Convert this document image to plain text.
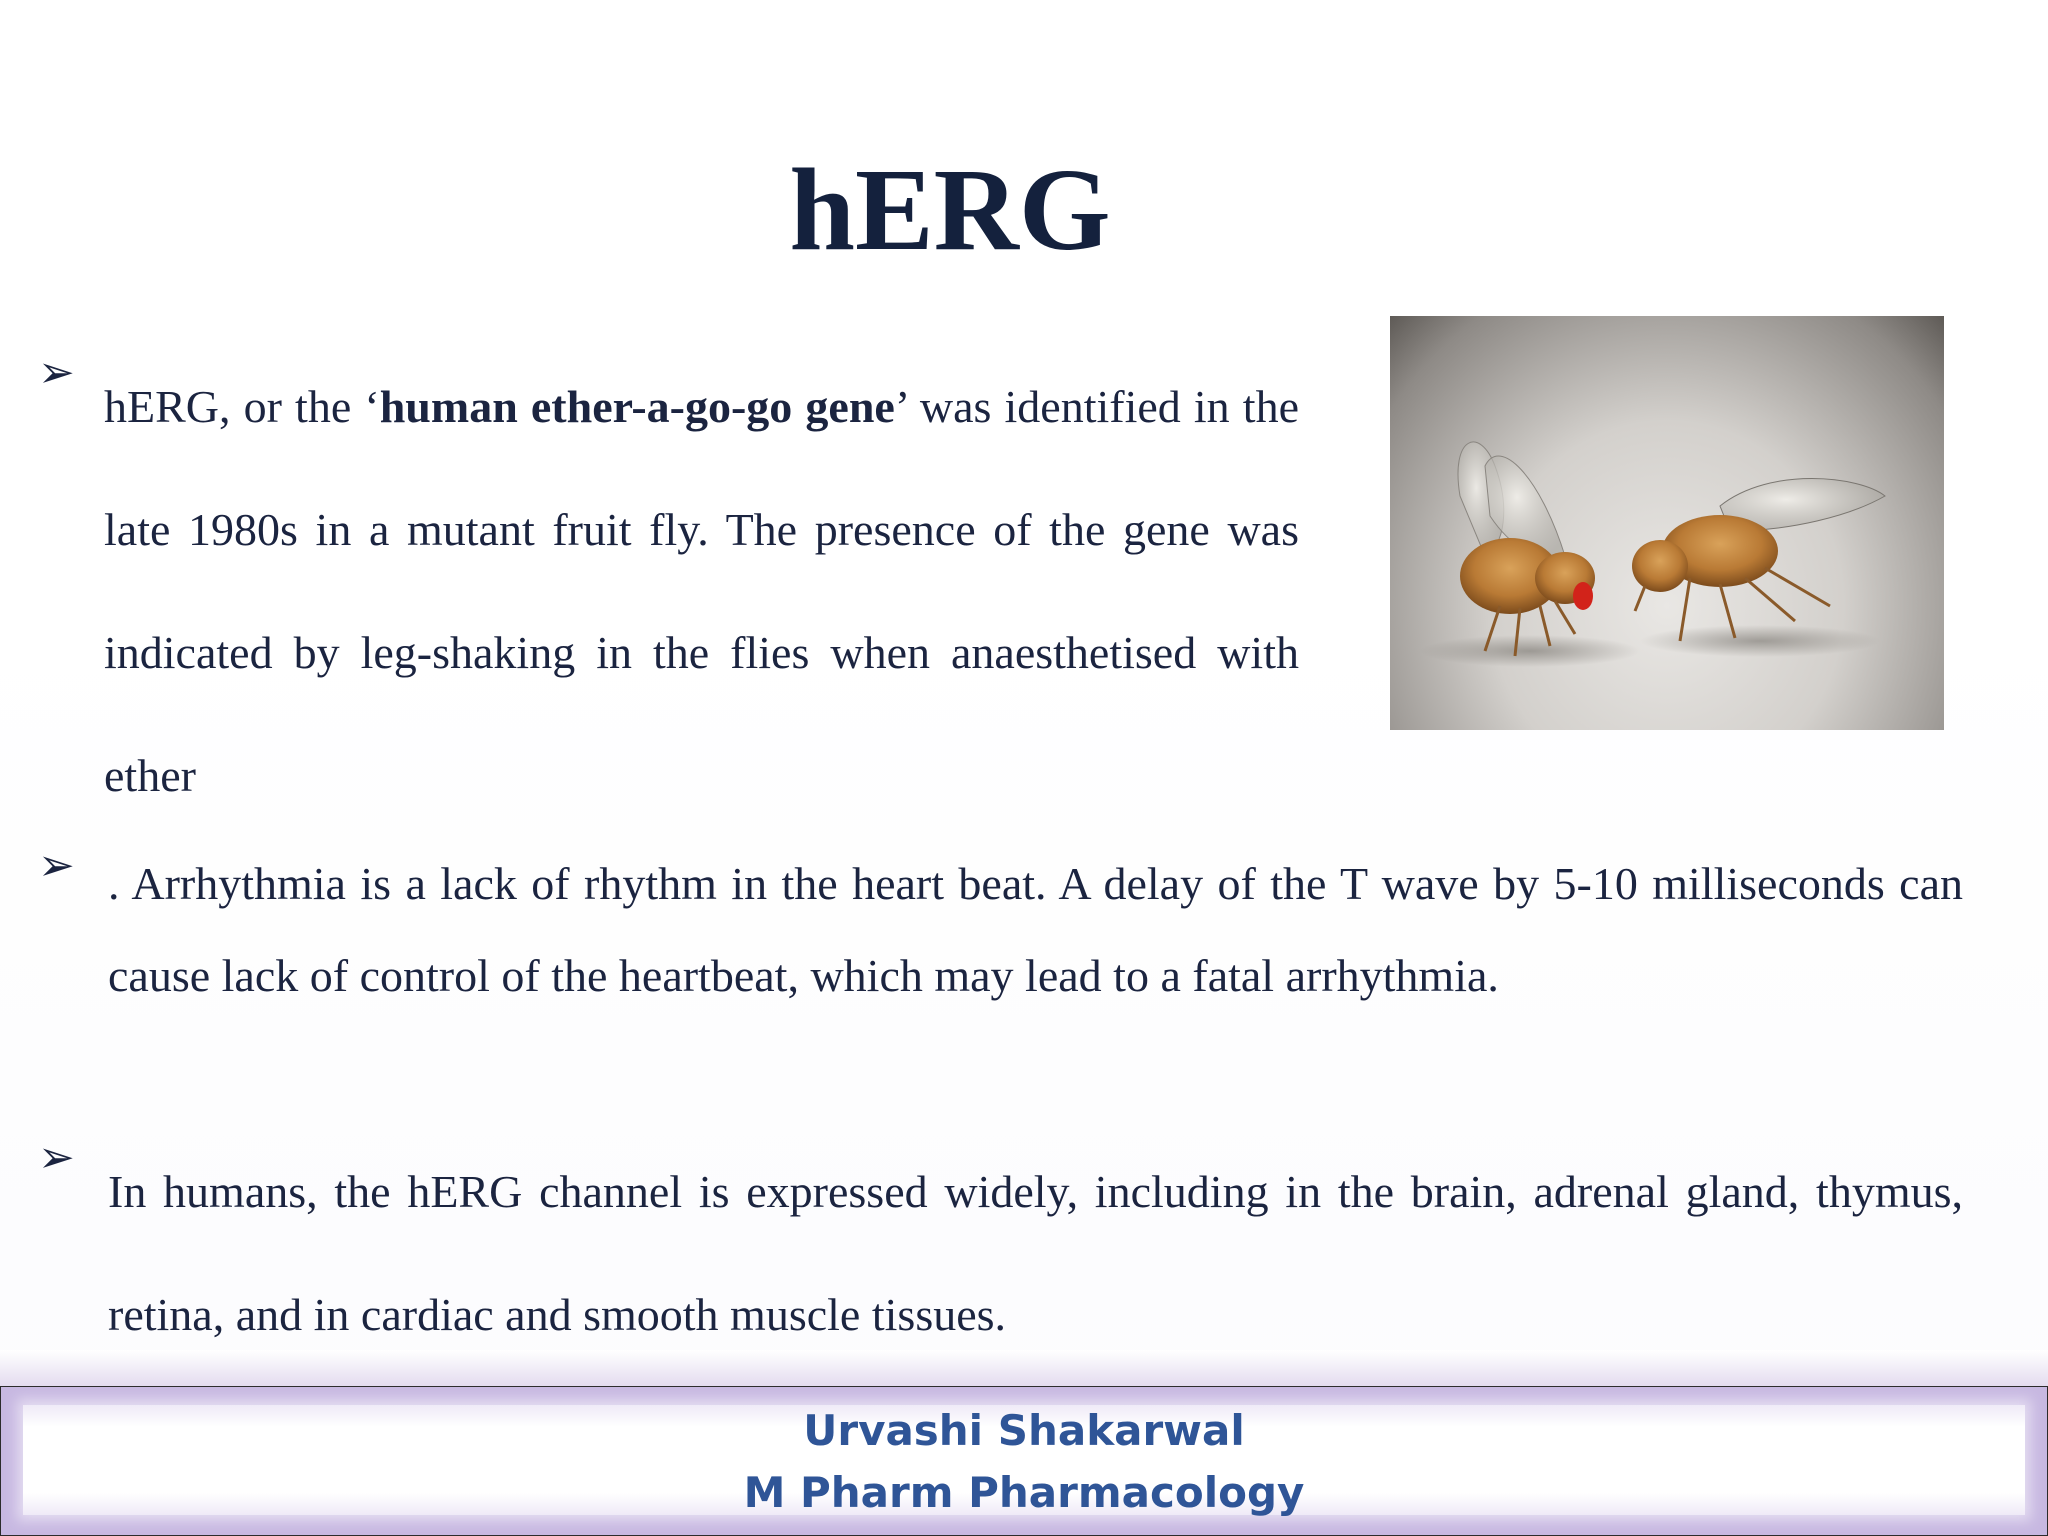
hERG
➢
hERG, or the ‘human ether-a-go-go gene’ was identified in the late 1980s in a mutant fruit fly. The presence of the gene was indicated by leg-shaking in the flies when anaesthetised with ether
➢ . Arrhythmia is a lack of rhythm in the heart beat. A delay of the T wave by 5-10 milliseconds can cause lack of control of the heartbeat, which may lead to a fatal arrhythmia.
➢
In humans, the hERG channel is expressed widely, including in the brain, adrenal gland, thymus, retina, and in cardiac and smooth muscle tissues.
Urvashi Shakarwal
M Pharm Pharmacology
